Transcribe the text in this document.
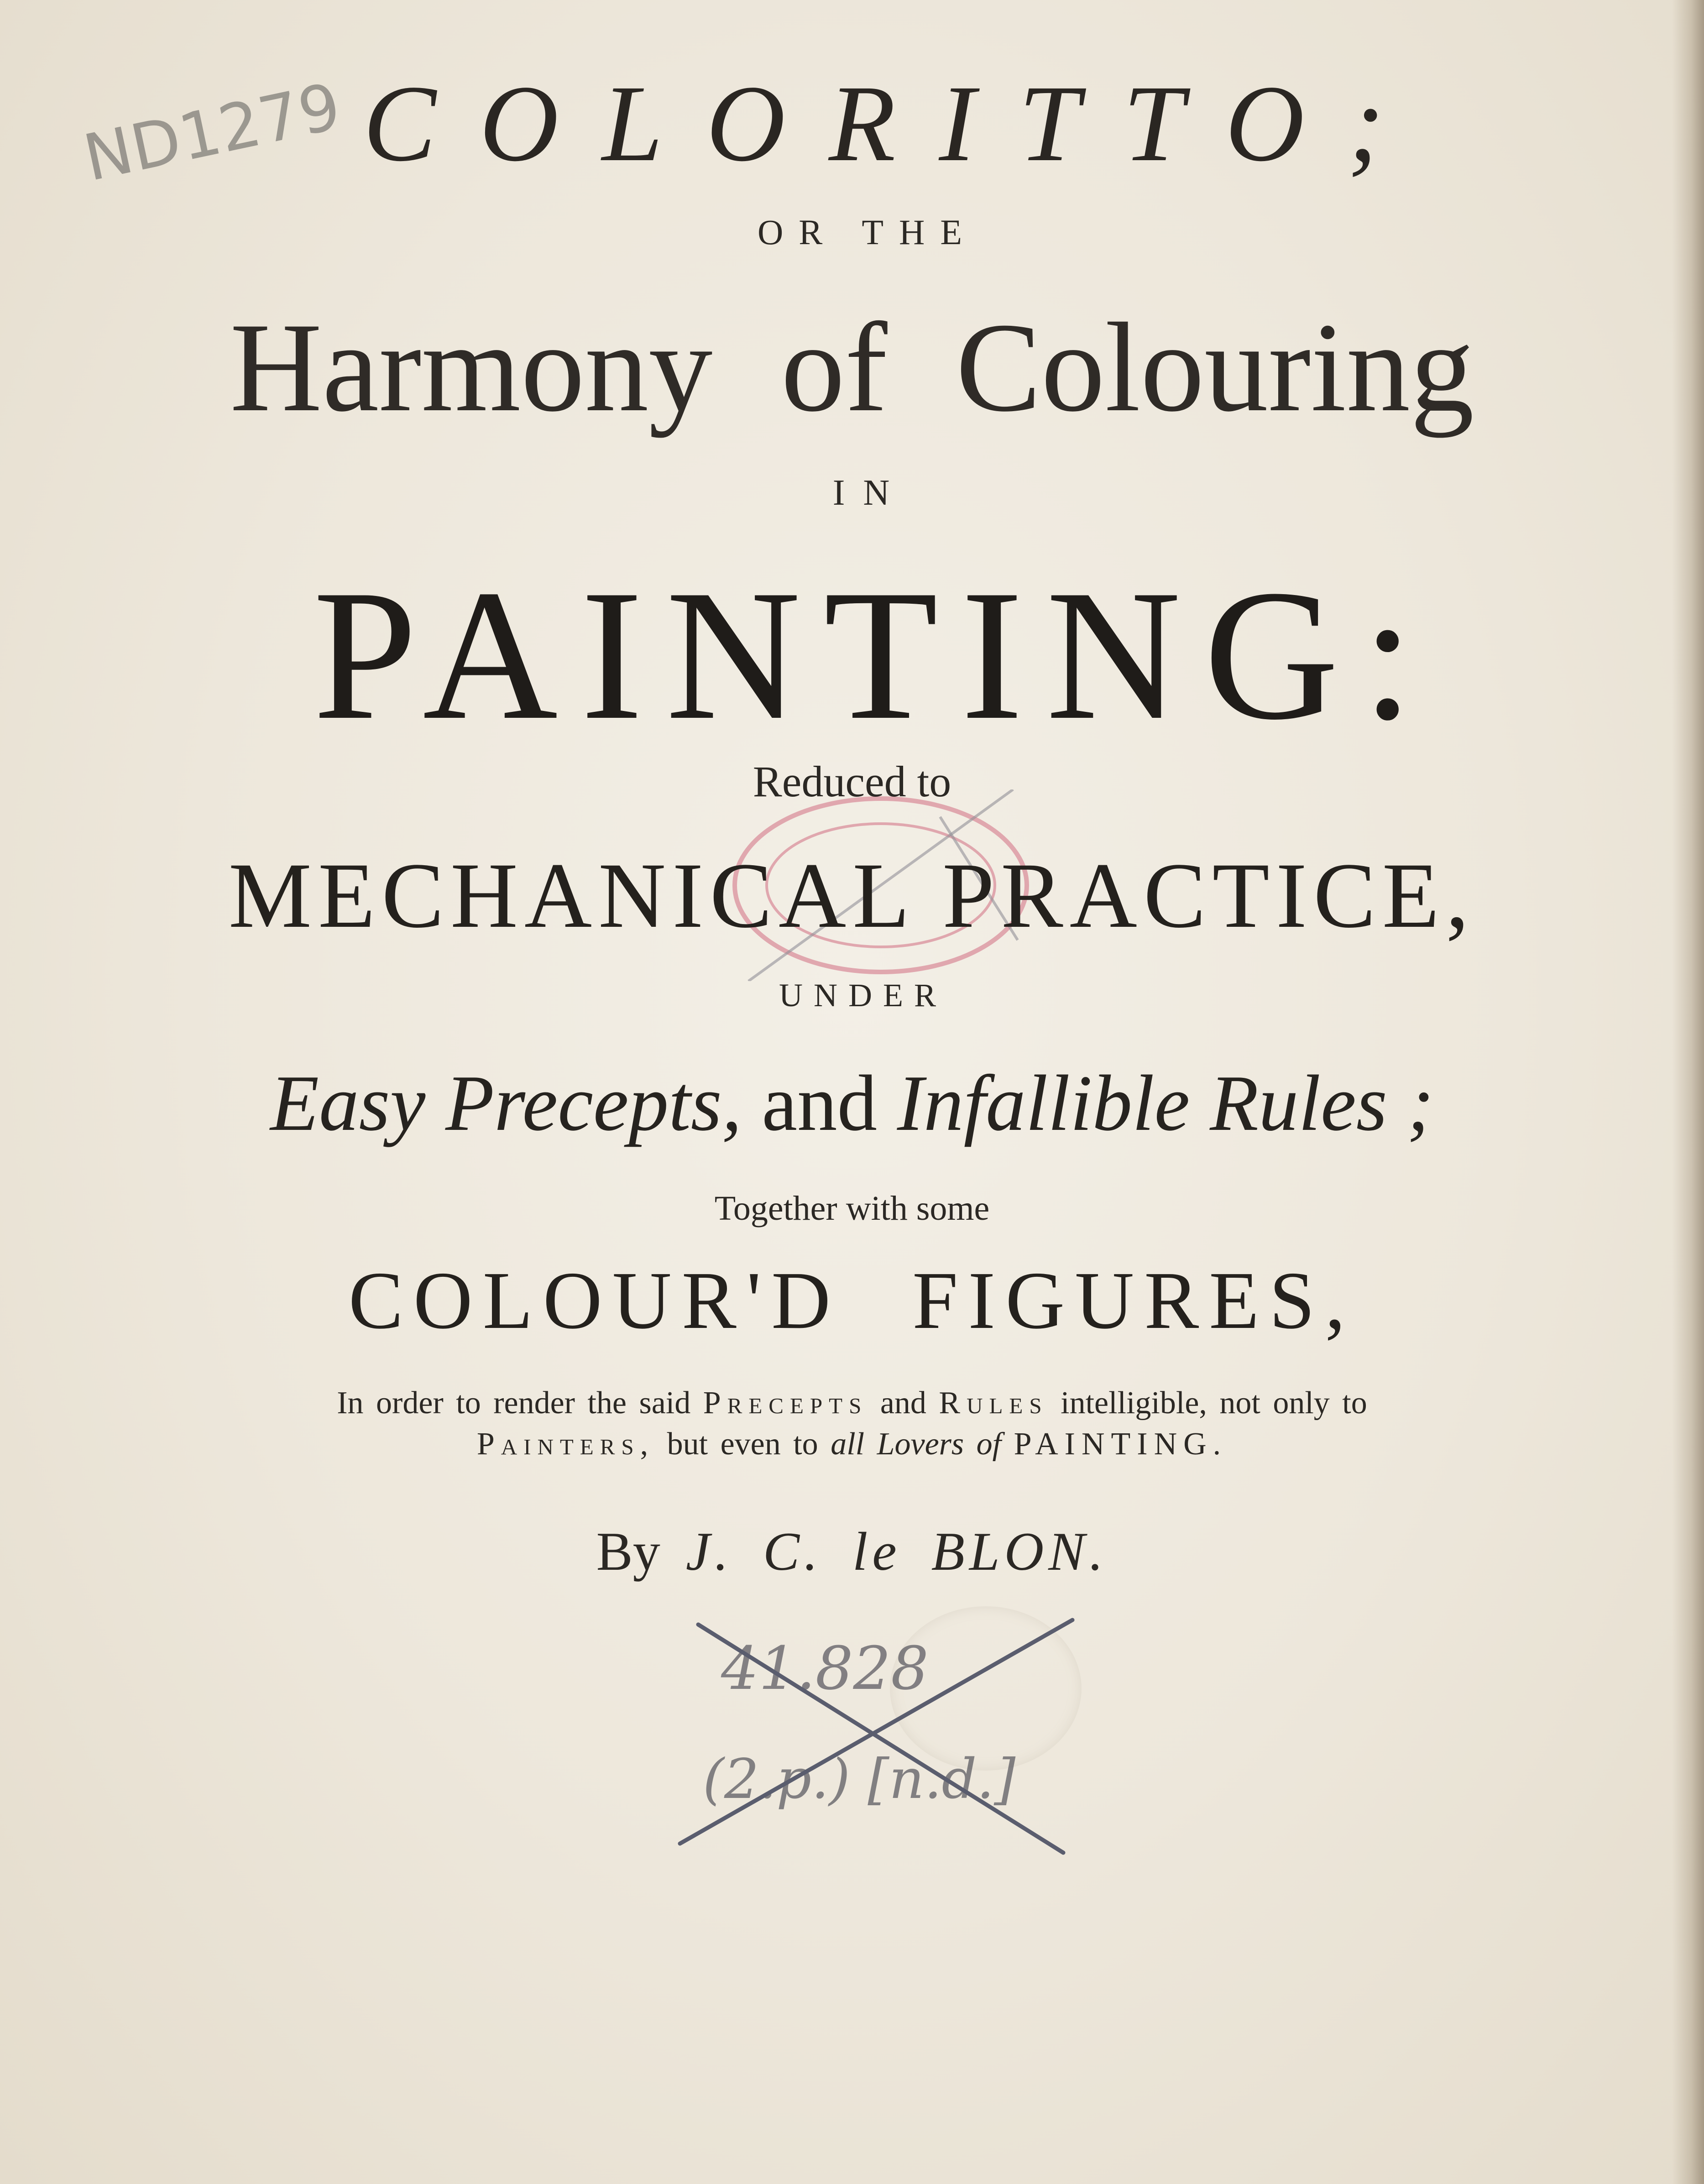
ND1279 COLORITTO;
OR THE
Harmony of Colouring
IN
PAINTING:
Reduced to
MECHANICAL PRACTICE,
UNDER
Easy Precepts, and Infallible Rules ;
Together with some
COLOUR'D FIGURES,
In order to render the said Precepts and Rules intelligible, not only to
Painters, but even to all Lovers of PAINTING.
By J. C. le BLON.
41.828
(2.p.) [n.d.]
